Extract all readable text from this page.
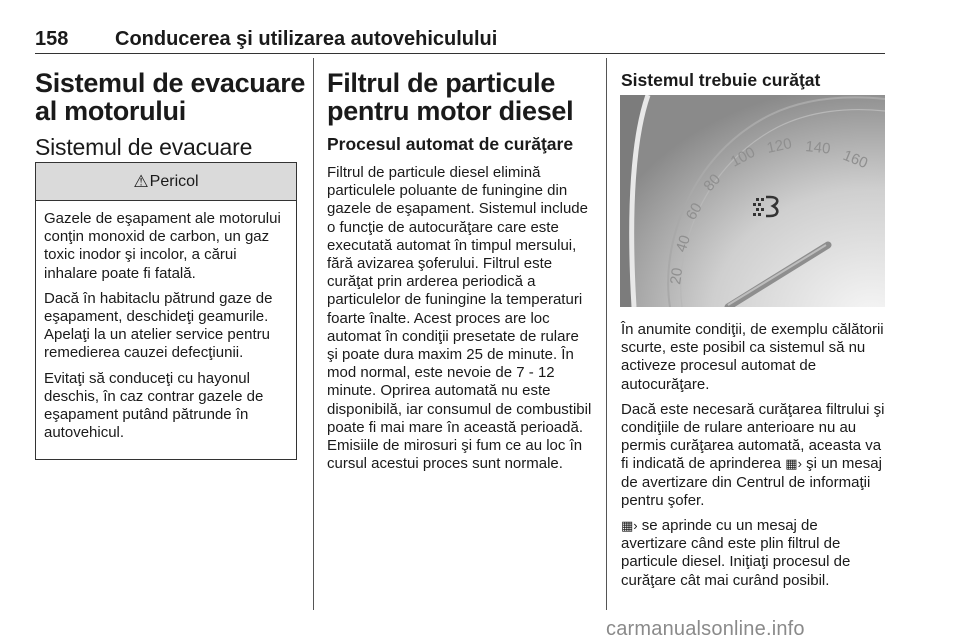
158 Conducerea şi utilizarea autovehiculului
Sistemul de evacuare al motorului
Sistemul de evacuare
⚠ Pericol

Gazele de eşapament ale motorului conţin monoxid de carbon, un gaz toxic inodor şi incolor, a cărui inhalare poate fi fatală.

Dacă în habitaclu pătrund gaze de eşapament, deschideţi geamurile. Apelaţi la un atelier service pentru remedierea cauzei defecţiunii.

Evitaţi să conduceţi cu hayonul deschis, în caz contrar gazele de eşapament putând pătrunde în autovehicul.

Filtrul de particule pentru motor diesel
Procesul automat de curăţare

Filtrul de particule diesel elimină particulele poluante de funingine din gazele de eşapament. Sistemul include o funcţie de autocurăţare care este executată automat în timpul mersului, fără avizarea şoferului. Filtrul este curăţat prin arderea periodică a particulelor de funingine la temperaturi foarte înalte. Acest proces are loc automat în condiţii presetate de rulare şi poate dura maxim 25 de minute. În mod normal, este nevoie de 7 - 12 minute. Oprirea automată nu este disponibilă, iar consumul de combustibil poate fi mai mare în această perioadă. Emisiile de mirosuri şi fum ce au loc în cursul acestui proces sunt normale.

Sistemul trebuie curăţat
20
40
60
80
100 120 140 160

În anumite condiţii, de exemplu călătorii scurte, este posibil ca sistemul să nu activeze procesul automat de autocurăţare.

Dacă este necesară curăţarea filtrului şi condiţiile de rulare anterioare nu au permis curăţarea automată, aceasta va fi indicată de aprinderea ▦› şi un mesaj de avertizare din Centrul de informaţii pentru şofer.

▦› se aprinde cu un mesaj de avertizare când este plin filtrul de particule diesel. Iniţiaţi procesul de curăţare cât mai curând posibil.

carmanualsonline.info
